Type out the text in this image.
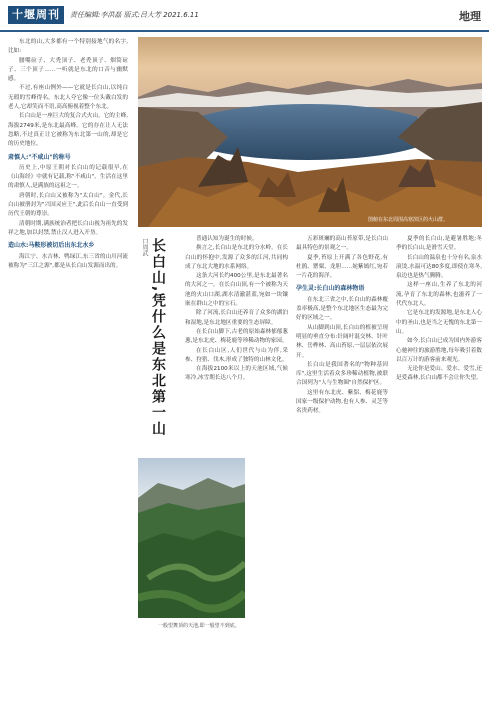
十堰周刊	责任编辑:李洪磊 版式:吕大芳 2021.6.11	地理

东北的山,大多都有一个特别接地气的名字,比如:

腰嘴砬子、大秃顶子、老秃顶子、烟筒砬子、三个顶子……一听就是东北的口音与幽默感。

不过,有座山例外——它就是长白山,以纯白无瑕的雪峰得名。东北人夸它像一位头戴白发的老人,它却笑而不语,高高俯视着整个东北。

长白山是一座巨大的复合式火山。它的主峰,海拔2749米,是东北最高峰。它的存在让人无法忽略,不过真正让它被称为东北第一山的,却是它的历史地位。

肃慎人:"不咸山"的称号

历史上,中原王朝对长白山的记载很早,在《山海经》中就有记载,称"不咸山"。生活在这里的肃慎人,是满族的远祖之一。

唐朝时,长白山又被称为"太白山"。金代,长白山被册封为"兴国灵应王",此后长白山一直受到历代王朝的尊崇。

清朝时期,满族统治者把长白山视为祖先的发祥之地,加以封禁,禁止汉人进入开垦。

造山水:马鞍形被切后出东北水乡

海江宁、水吉林、鸭绿江,东三省的山川河流被称为"三江之源",都是从长白山发源而出的。

图俯在东北周围高寒滨区的火山群。
口周武 长白山,凭什么是东北第一山
一般望舞顶的天池,即一般望不到底。

普通认知为诞生的时候。

换言之,长白山是东北的分水岭。在长白山的怀抱中,发源了众多的江河,共同构成了东北大地的水系网络。

这条大河长约400公里,是东北最著名的大河之一。在长白山顶,有一个被称为天池的火山口湖,湖水清澈湛蓝,宛如一块镶嵌在群山之中的宝石。

除了河流,长白山还养育了众多的湖泊和湿地,是东北地区重要的生态屏障。

在长白山脚下,古老的原始森林郁郁葱葱,是东北虎、梅花鹿等珍稀动物的家园。

在长白山区,人们世代与山为伴,采参、狩猎、伐木,形成了独特的山林文化。

在海拔2100米以上的天池区域,气候寒冷,冰雪期长达八个月。

五彩斑斓的高山苔原带,是长白山最具特色的景观之一。

夏季,苔原上开满了各色野花,有杜鹃、罂粟、龙胆……姹紫嫣红,宛若一片花的海洋。

孕生灵:长白山的森林物语

在东北三省之中,长白山的森林覆盖率极高,是整个东北地区生态最为完好的区域之一。

从山脚到山顶,长白山的植被呈现明显的垂直分布:针阔叶混交林、针叶林、岳桦林、高山苔原,一层层依次展开。

长白山是我国著名的"物种基因库",这里生活着众多珍稀动植物,被联合国列为"人与生物圈"自然保护区。

这里有东北虎、紫貂、梅花鹿等国家一级保护动物,也有人参、灵芝等名贵药材。

夏季的长白山,是避暑胜地;冬季的长白山,是滑雪天堂。

长白山的温泉也十分有名,泉水滚烫,水温可达80多度,即使在寒冬,泉边也是热气腾腾。

这样一座山,生养了东北的河流,孕育了东北的森林,也滋养了一代代东北人。

它是东北的发源地,是东北人心中的圣山,也是当之无愧的东北第一山。

如今,长白山已成为国内外游客心驰神往的旅游胜地,每年吸引着数以百万计的游客前来观光。

无论你是爱山、爱水、爱雪,还是爱森林,长白山都不会让你失望。
